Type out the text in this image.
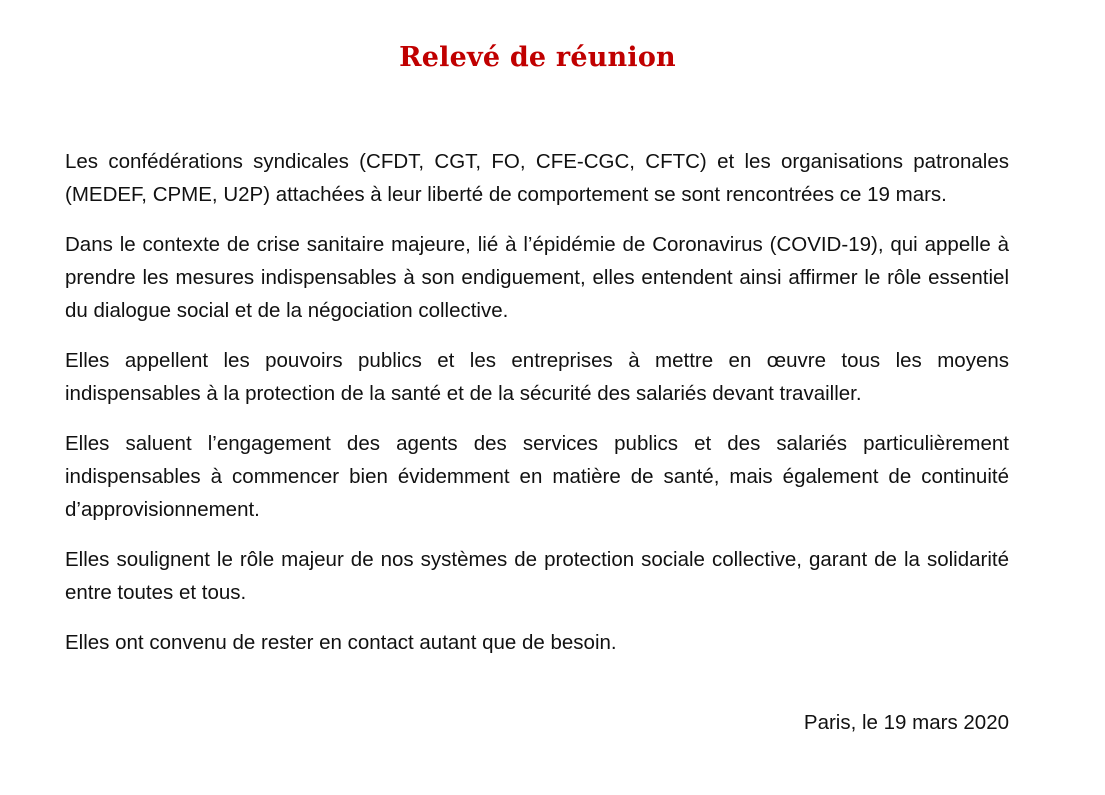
Relevé de réunion

Les confédérations syndicales (CFDT, CGT, FO, CFE-CGC, CFTC) et les organisations patronales (MEDEF, CPME, U2P) attachées à leur liberté de comportement se sont rencontrées ce 19 mars.

Dans le contexte de crise sanitaire majeure, lié à l’épidémie de Coronavirus (COVID-19), qui appelle à prendre les mesures indispensables à son endiguement, elles entendent ainsi affirmer le rôle essentiel du dialogue social et de la négociation collective.

Elles appellent les pouvoirs publics et les entreprises à mettre en œuvre tous les moyens indispensables à la protection de la santé et de la sécurité des salariés devant travailler.

Elles saluent l’engagement des agents des services publics et des salariés particulièrement indispensables à commencer bien évidemment en matière de santé, mais également de continuité d’approvisionnement.

Elles soulignent le rôle majeur de nos systèmes de protection sociale collective, garant de la solidarité entre toutes et tous.

Elles ont convenu de rester en contact autant que de besoin.

Paris, le 19 mars 2020
